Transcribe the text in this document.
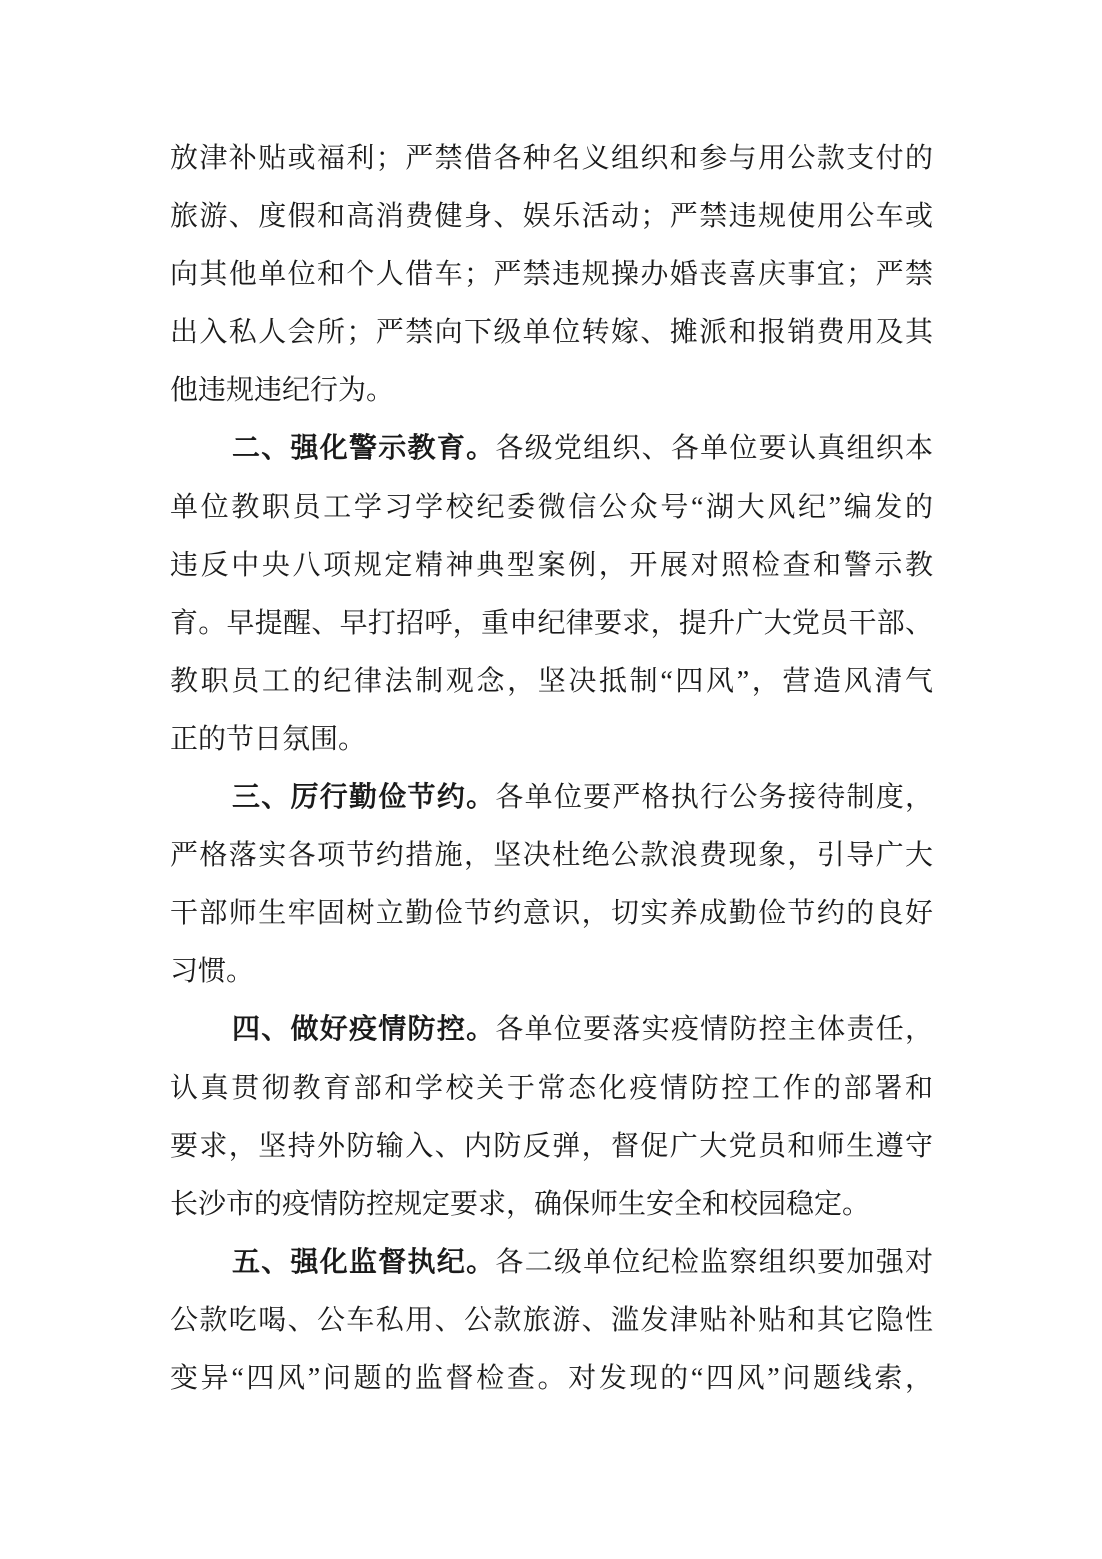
放津补贴或福利；严禁借各种名义组织和参与用公款支付的
旅游、度假和高消费健身、娱乐活动；严禁违规使用公车或
向其他单位和个人借车；严禁违规操办婚丧喜庆事宜；严禁
出入私人会所；严禁向下级单位转嫁、摊派和报销费用及其
他违规违纪行为。
二、强化警示教育。各级党组织、各单位要认真组织本
单位教职员工学习学校纪委微信公众号“湖大风纪”编发的
违反中央八项规定精神典型案例，开展对照检查和警示教
育。早提醒、早打招呼，重申纪律要求，提升广大党员干部、
教职员工的纪律法制观念，坚决抵制“四风”，营造风清气
正的节日氛围。
三、厉行勤俭节约。各单位要严格执行公务接待制度，
严格落实各项节约措施，坚决杜绝公款浪费现象，引导广大
干部师生牢固树立勤俭节约意识，切实养成勤俭节约的良好
习惯。
四、做好疫情防控。各单位要落实疫情防控主体责任，
认真贯彻教育部和学校关于常态化疫情防控工作的部署和
要求，坚持外防输入、内防反弹，督促广大党员和师生遵守
长沙市的疫情防控规定要求，确保师生安全和校园稳定。
五、强化监督执纪。各二级单位纪检监察组织要加强对
公款吃喝、公车私用、公款旅游、滥发津贴补贴和其它隐性
变异“四风”问题的监督检查。对发现的“四风”问题线索，
